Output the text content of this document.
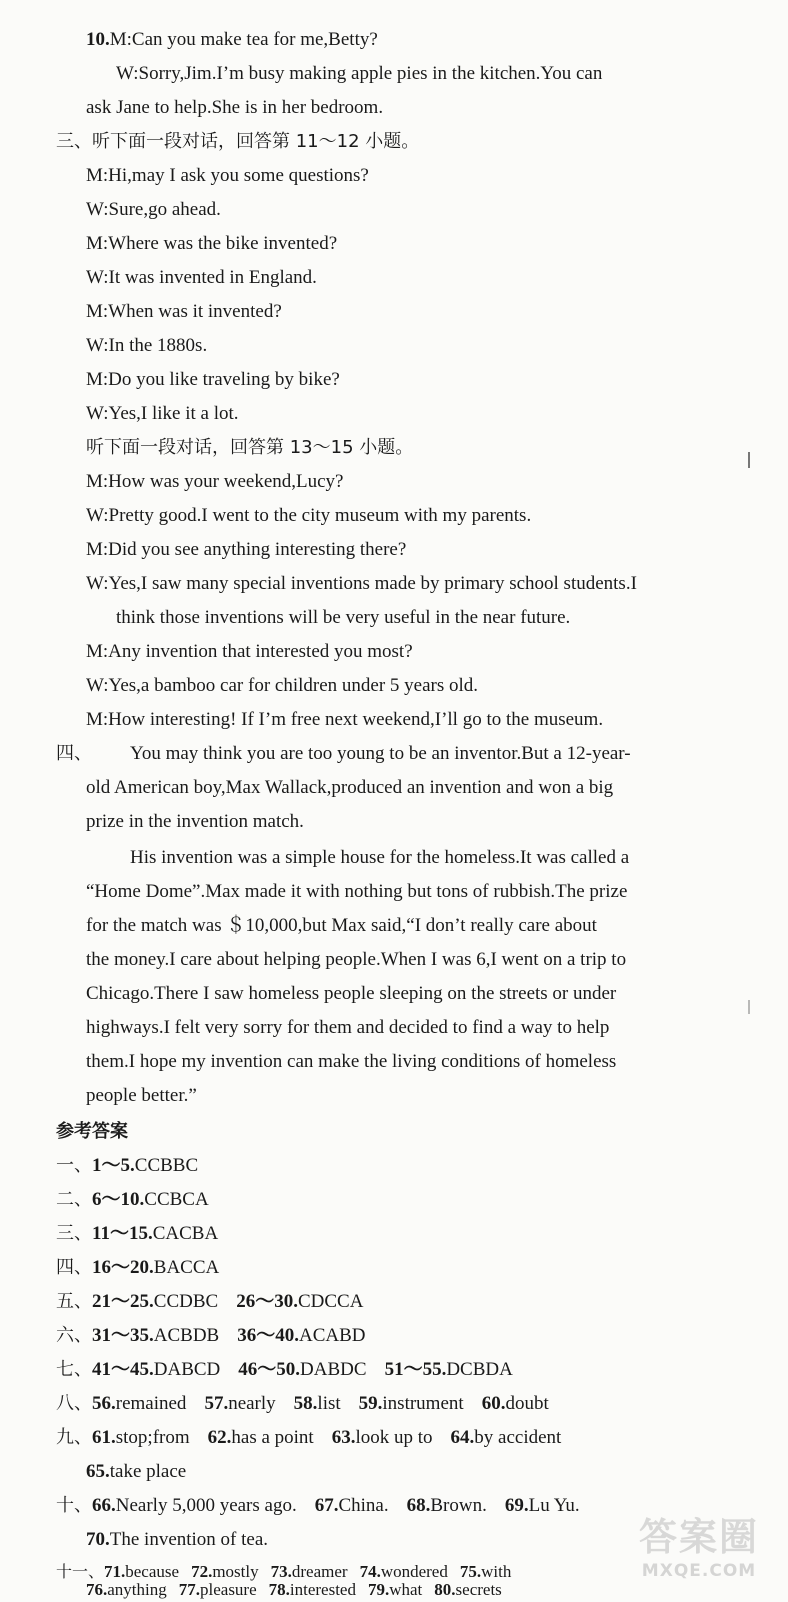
10.M:Can you make tea for me,Betty?
W:Sorry,Jim.I’m busy making apple pies in the kitchen.You can
ask Jane to help.She is in her bedroom.
三、听下面一段对话，回答第 11～12 小题。
M:Hi,may I ask you some questions?
W:Sure,go ahead.
M:Where was the bike invented?
W:It was invented in England.
M:When was it invented?
W:In the 1880s.
M:Do you like traveling by bike?
W:Yes,I like it a lot.
听下面一段对话，回答第 13～15 小题。
M:How was your weekend,Lucy?
W:Pretty good.I went to the city museum with my parents.
M:Did you see anything interesting there?
W:Yes,I saw many special inventions made by primary school students.I
think those inventions will be very useful in the near future.
M:Any invention that interested you most?
W:Yes,a bamboo car for children under 5 years old.
M:How interesting! If I’m free next weekend,I’ll go to the museum.
四、 You may think you are too young to be an inventor.But a 12-year-
old American boy,Max Wallack,produced an invention and won a big
prize in the invention match.
His invention was a simple house for the homeless.It was called a
“Home Dome”.Max made it with nothing but tons of rubbish.The prize
for the match was ＄10,000,but Max said,“I don’t really care about
the money.I care about helping people.When I was 6,I went on a trip to
Chicago.There I saw homeless people sleeping on the streets or under
highways.I felt very sorry for them and decided to find a way to help
them.I hope my invention can make the living conditions of homeless
people better.”
参考答案
一、1～5.CCBBC
二、6～10.CCBCA
三、11～15.CACBA
四、16～20.BACCA
五、21～25.CCDBC 26～30.CDCCA
六、31～35.ACBDB 36～40.ACABD
七、41～45.DABCD 46～50.DABDC 51～55.DCBDA
八、56.remained 57.nearly 58.list 59.instrument 60.doubt
九、61.stop;from 62.has a point 63.look up to 64.by accident
65.take place
十、66.Nearly 5,000 years ago. 67.China. 68.Brown. 69.Lu Yu.
70.The invention of tea.
十一、71.because 72.mostly 73.dreamer 74.wondered 75.with
76.anything 77.pleasure 78.interested 79.what 80.secrets
答案圈
MXQE.COM
